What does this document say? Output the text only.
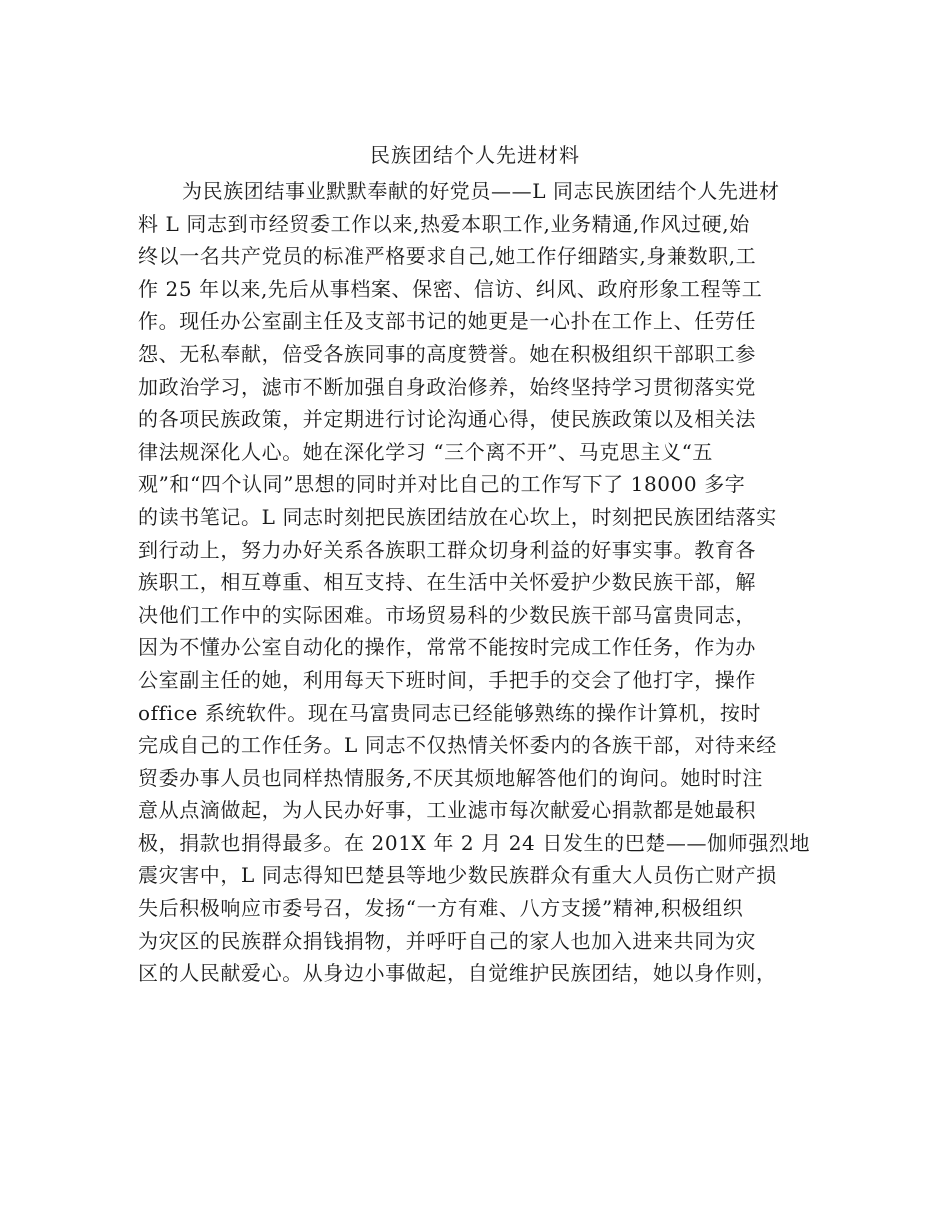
民族团结个人先进材料
为民族团结事业默默奉献的好党员——L 同志民族团结个人先进材
料 L 同志到市经贸委工作以来,热爱本职工作,业务精通,作风过硬,始
终以一名共产党员的标准严格要求自己,她工作仔细踏实,身兼数职,工
作 25 年以来,先后从事档案、保密、信访、纠风、政府形象工程等工
作。现任办公室副主任及支部书记的她更是一心扑在工作上、任劳任
怨、无私奉献，倍受各族同事的高度赞誉。她在积极组织干部职工参
加政治学习，滤市不断加强自身政治修养，始终坚持学习贯彻落实党
的各项民族政策，并定期进行讨论沟通心得，使民族政策以及相关法
律法规深化人心。她在深化学习 “三个离不开”、马克思主义“五
观”和“四个认同”思想的同时并对比自己的工作写下了 18000 多字
的读书笔记。L 同志时刻把民族团结放在心坎上，时刻把民族团结落实
到行动上，努力办好关系各族职工群众切身利益的好事实事。教育各
族职工，相互尊重、相互支持、在生活中关怀爱护少数民族干部，解
决他们工作中的实际困难。市场贸易科的少数民族干部马富贵同志，
因为不懂办公室自动化的操作，常常不能按时完成工作任务，作为办
公室副主任的她，利用每天下班时间，手把手的交会了他打字，操作
office 系统软件。现在马富贵同志已经能够熟练的操作计算机，按时
完成自己的工作任务。L 同志不仅热情关怀委内的各族干部，对待来经
贸委办事人员也同样热情服务,不厌其烦地解答他们的询问。她时时注
意从点滴做起，为人民办好事，工业滤市每次献爱心捐款都是她最积
极，捐款也捐得最多。在 201X 年 2 月 24 日发生的巴楚——伽师强烈地
震灾害中，L 同志得知巴楚县等地少数民族群众有重大人员伤亡财产损
失后积极响应市委号召，发扬“一方有难、八方支援”精神,积极组织
为灾区的民族群众捐钱捐物，并呼吁自己的家人也加入进来共同为灾
区的人民献爱心。从身边小事做起，自觉维护民族团结，她以身作则，
